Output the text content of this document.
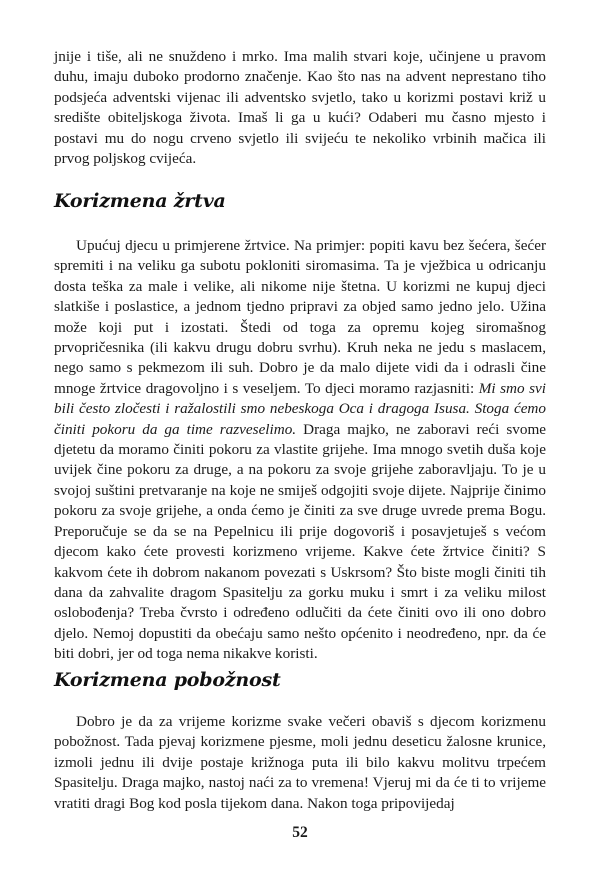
jnije i tiše, ali ne snuždeno i mrko. Ima malih stvari koje, učinjene u pravom duhu, imaju duboko prodorno značenje. Kao što nas na advent neprestano tiho podsjeća adventski vijenac ili adventsko svjetlo, tako u korizmi postavi križ u središte obiteljskoga života. Imaš li ga u kući? Odaberi mu časno mjesto i postavi mu do nogu crveno svjetlo ili svijeću te nekoliko vrbinih mačica ili prvog poljskog cvijeća.

Korizmena žrtva

Upućuj djecu u primjerene žrtvice. Na primjer: popiti kavu bez šećera, šećer spremiti i na veliku ga subotu pokloniti siromasima. Ta je vježbica u odricanju dosta teška za male i velike, ali nikome nije štetna. U korizmi ne kupuj djeci slatkiše i poslastice, a jednom tjedno pripravi za objed samo jedno jelo. Užina može koji put i izostati. Štedi od toga za opremu kojeg siromašnog prvopričesnika (ili kakvu drugu dobru svrhu). Kruh neka ne jedu s maslacem, nego samo s pekmezom ili suh. Dobro je da malo dijete vidi da i odrasli čine mnoge žrtvice dragovoljno i s veseljem. To djeci moramo razjasniti: Mi smo svi bili često zločesti i ražalostili smo nebeskoga Oca i dragoga Isusa. Stoga ćemo činiti pokoru da ga time razveselimo. Draga majko, ne zaboravi reći svome djetetu da moramo činiti pokoru za vlastite grijehe. Ima mnogo svetih duša koje uvijek čine pokoru za druge, a na pokoru za svoje grijehe zaboravljaju. To je u svojoj suštini pretvaranje na koje ne smiješ odgojiti svoje dijete. Najprije činimo pokoru za svoje grijehe, a onda ćemo je činiti za sve druge uvrede prema Bogu. Preporučuje se da se na Pepelnicu ili prije dogovoriš i posavjetuješ s većom djecom kako ćete provesti korizmeno vrijeme. Kakve ćete žrtvice činiti? S kakvom ćete ih dobrom nakanom povezati s Uskrsom? Što biste mogli činiti tih dana da zahvalite dragom Spasitelju za gorku muku i smrt i za veliku milost oslobođenja? Treba čvrsto i određeno odlučiti da ćete činiti ovo ili ono dobro djelo. Nemoj dopustiti da obećaju samo nešto općenito i neodređeno, npr. da će biti dobri, jer od toga nema nikakve koristi.

Korizmena pobožnost

Dobro je da za vrijeme korizme svake večeri obaviš s djecom korizmenu pobožnost. Tada pjevaj korizmene pjesme, moli jednu deseticu žalosne krunice, izmoli jednu ili dvije postaje križnoga puta ili bilo kakvu molitvu trpećem Spasitelju. Draga majko, nastoj naći za to vremena! Vjeruj mi da će ti to vrijeme vratiti dragi Bog kod posla tijekom dana. Nakon toga pripovijedaj

52
